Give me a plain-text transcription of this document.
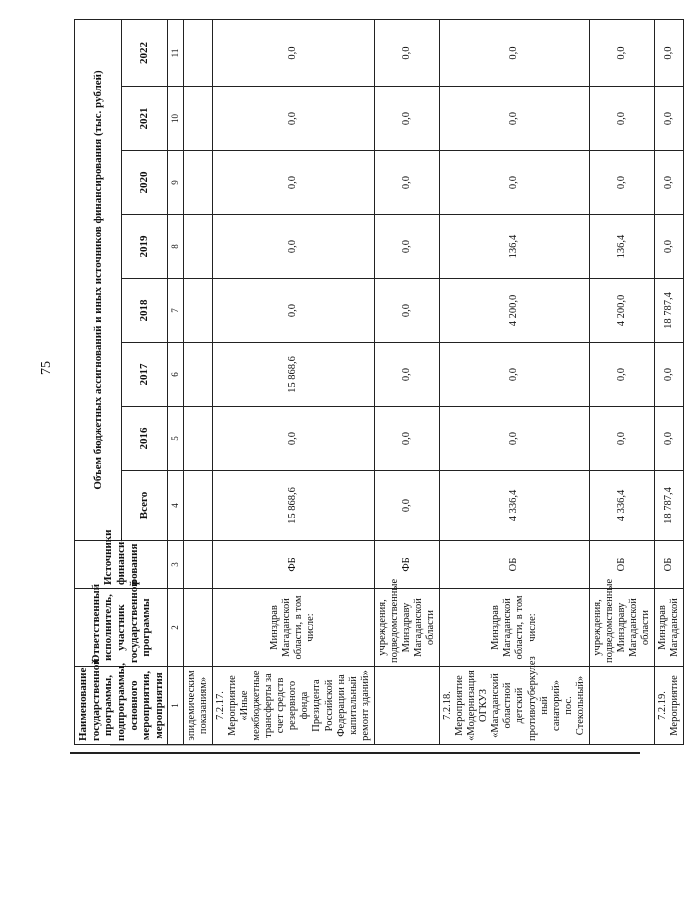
75
Наименование государственной программы, подпрограммы, основного мероприятия, мероприятия	Ответственный исполнитель, участник государственной программы	Источники финанси-рования	Объем бюджетных ассигнований и иных источников финансирования (тыс. рублей)							
			Всего	2016	2017	2018	2019	2020	2021	2022
1	2	3	4	5	6	7	8	9	10	11
эпидемическим показаниям»										
7.2.17. Мероприятие «Иные межбюджетные трансферты за счет средств резервного фонда Президента Российской Федерации на капитальный ремонт зданий»	Минздрав Магаданской области, в том числе:	ФБ	15 868,6	0,0	15 868,6	0,0	0,0	0,0	0,0	0,0
	учреждения, подведомственные Минздраву Магаданской области	ФБ	0,0	0,0	0,0	0,0	0,0	0,0	0,0	0,0
7.2.18. Мероприятие «Модернизация ОГКУЗ «Магаданский областной детский противотуберкулез ный санаторий» пос. Стекольный»	Минздрав Магаданской области, в том числе:	ОБ	4 336,4	0,0	0,0	4 200,0	136,4	0,0	0,0	0,0
	учреждения, подведомственные Минздраву Магаданской области	ОБ	4 336,4	0,0	0,0	4 200,0	136,4	0,0	0,0	0,0
7.2.19. Мероприятие	Минздрав Магаданской	ОБ	18 787,4	0,0	0,0	18 787,4	0,0	0,0	0,0	0,0
